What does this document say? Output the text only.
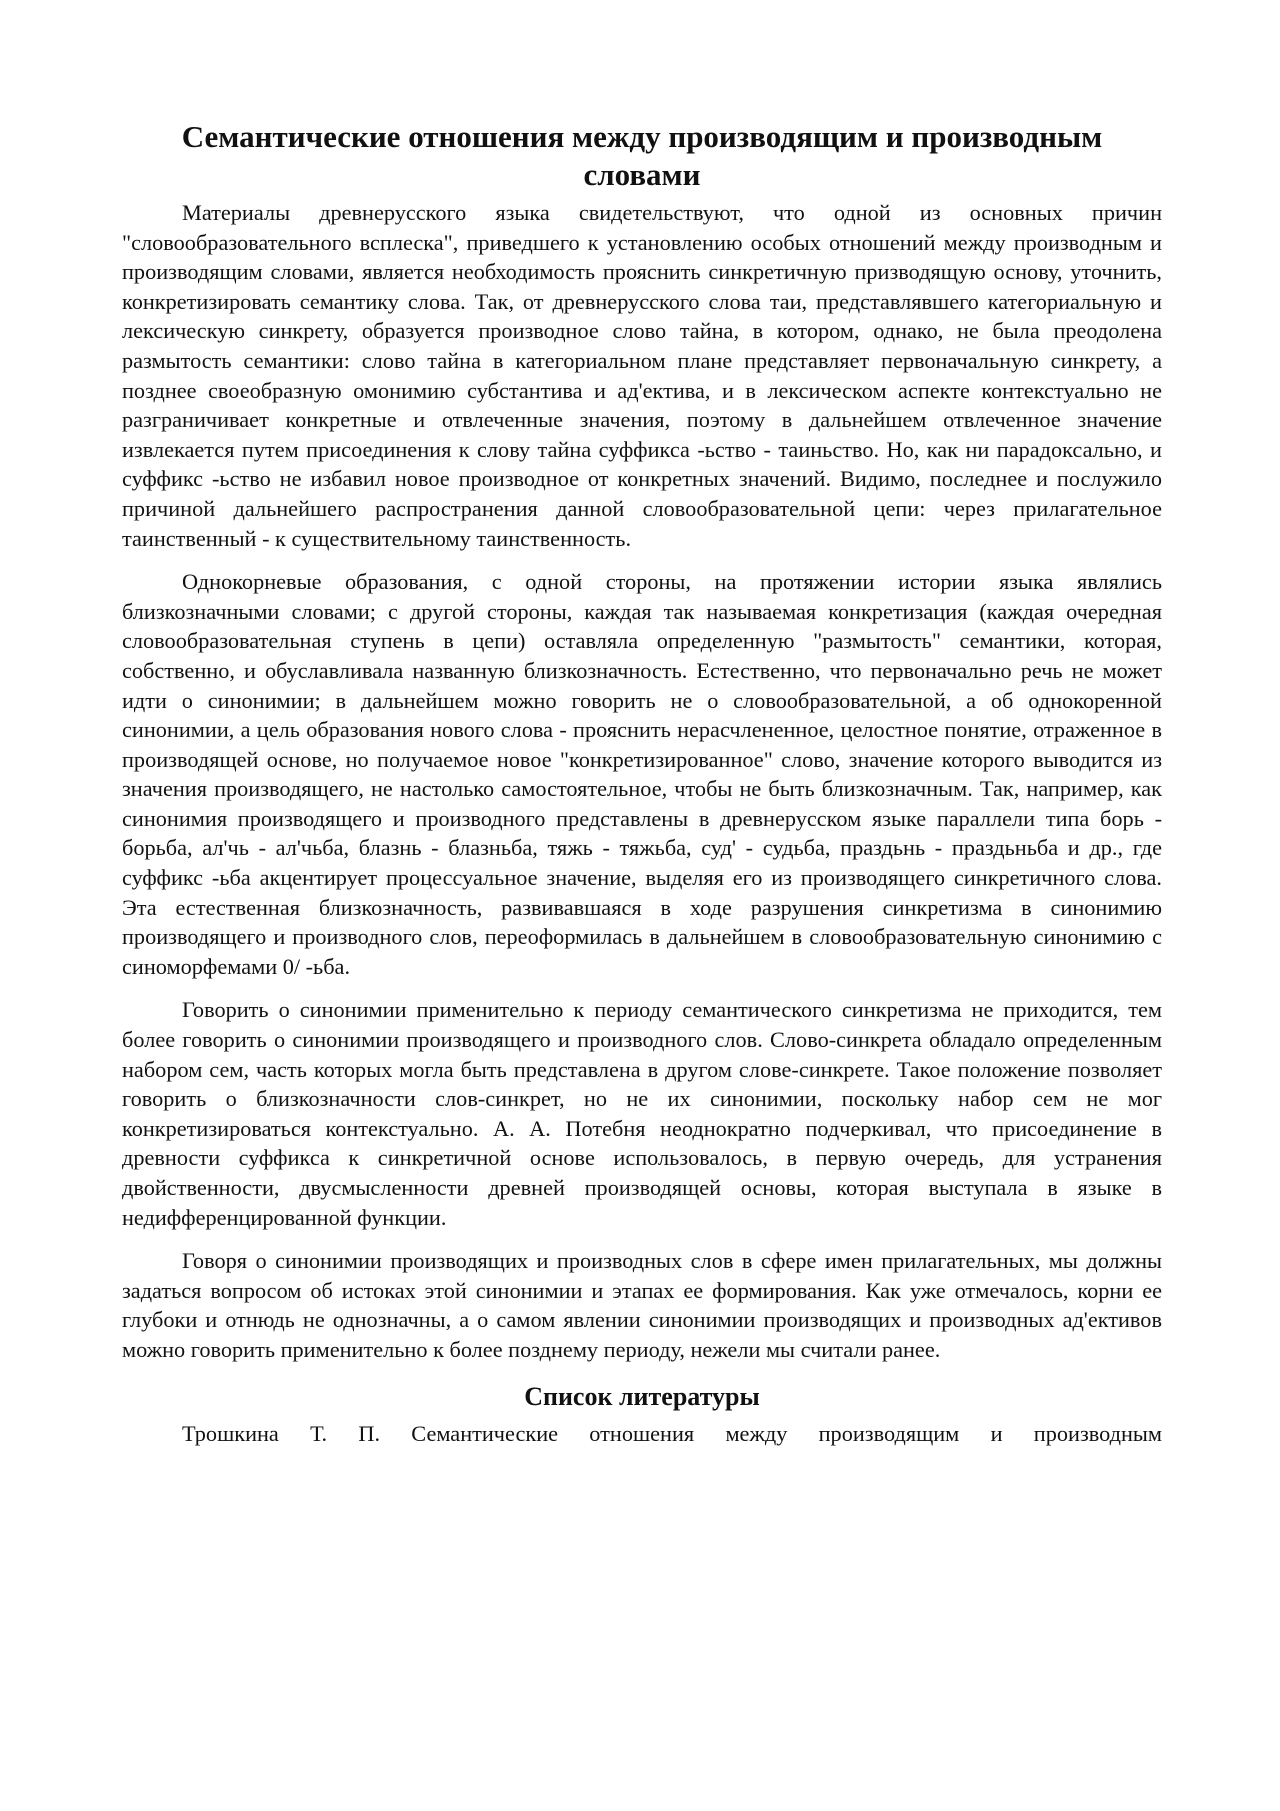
Семантические отношения между производящим и производным словами

Материалы древнерусского языка свидетельствуют, что одной из основных причин "словообразовательного всплеска", приведшего к установлению особых отношений между производным и производящим словами, является необходимость прояснить синкретичную призводящую основу, уточнить, конкретизировать семантику слова. Так, от древнерусского слова таи, представлявшего категориальную и лексическую синкрету, образуется производное слово тайна, в котором, однако, не была преодолена размытость семантики: слово тайна в категориальном плане представляет первоначальную синкрету, а позднее своеобразную омонимию субстантива и ад'ектива, и в лексическом аспекте контекстуально не разграничивает конкретные и отвлеченные значения, поэтому в дальнейшем отвлеченное значение извлекается путем присоединения к слову тайна суффикса -ьство - таиньство. Но, как ни парадоксально, и суффикс -ьство не избавил новое производное от конкретных значений. Видимо, последнее и послужило причиной дальнейшего распространения данной словообразовательной цепи: через прилагательное таинственный - к существительному таинственность.

Однокорневые образования, с одной стороны, на протяжении истории языка являлись близкозначными словами; с другой стороны, каждая так называемая конкретизация (каждая очередная словообразовательная ступень в цепи) оставляла определенную "размытость" семантики, которая, собственно, и обуславливала названную близкозначность. Естественно, что первоначально речь не может идти о синонимии; в дальнейшем можно говорить не о словообразовательной, а об однокоренной синонимии, а цель образования нового слова - прояснить нерасчлененное, целостное понятие, отраженное в производящей основе, но получаемое новое "конкретизированное" слово, значение которого выводится из значения производящего, не настолько самостоятельное, чтобы не быть близкозначным. Так, например, как синонимия производящего и производного представлены в древнерусском языке параллели типа борь - борьба, ал'чь - ал'чьба, блазнь - блазньба, тяжь - тяжьба, суд' - судьба, праздьнь - праздьньба и др., где суффикс -ьба акцентирует процессуальное значение, выделяя его из производящего синкретичного слова. Эта естественная близкозначность, развивавшаяся в ходе разрушения синкретизма в синонимию производящего и производного слов, переоформилась в дальнейшем в словообразовательную синонимию с синоморфемами 0/ -ьба.

Говорить о синонимии применительно к периоду семантического синкретизма не приходится, тем более говорить о синонимии производящего и производного слов. Слово-синкрета обладало определенным набором сем, часть которых могла быть представлена в другом слове-синкрете. Такое положение позволяет говорить о близкозначности слов-синкрет, но не их синонимии, поскольку набор сем не мог конкретизироваться контекстуально. А. А. Потебня неоднократно подчеркивал, что присоединение в древности суффикса к синкретичной основе использовалось, в первую очередь, для устранения двойственности, двусмысленности древней производящей основы, которая выступала в языке в недифференцированной функции.

Говоря о синонимии производящих и производных слов в сфере имен прилагательных, мы должны задаться вопросом об истоках этой синонимии и этапах ее формирования. Как уже отмечалось, корни ее глубоки и отнюдь не однозначны, а о самом явлении синонимии производящих и производных ад'ективов можно говорить применительно к более позднему периоду, нежели мы считали ранее.

Список литературы

Трошкина Т. П. Семантические отношения между производящим и производным
